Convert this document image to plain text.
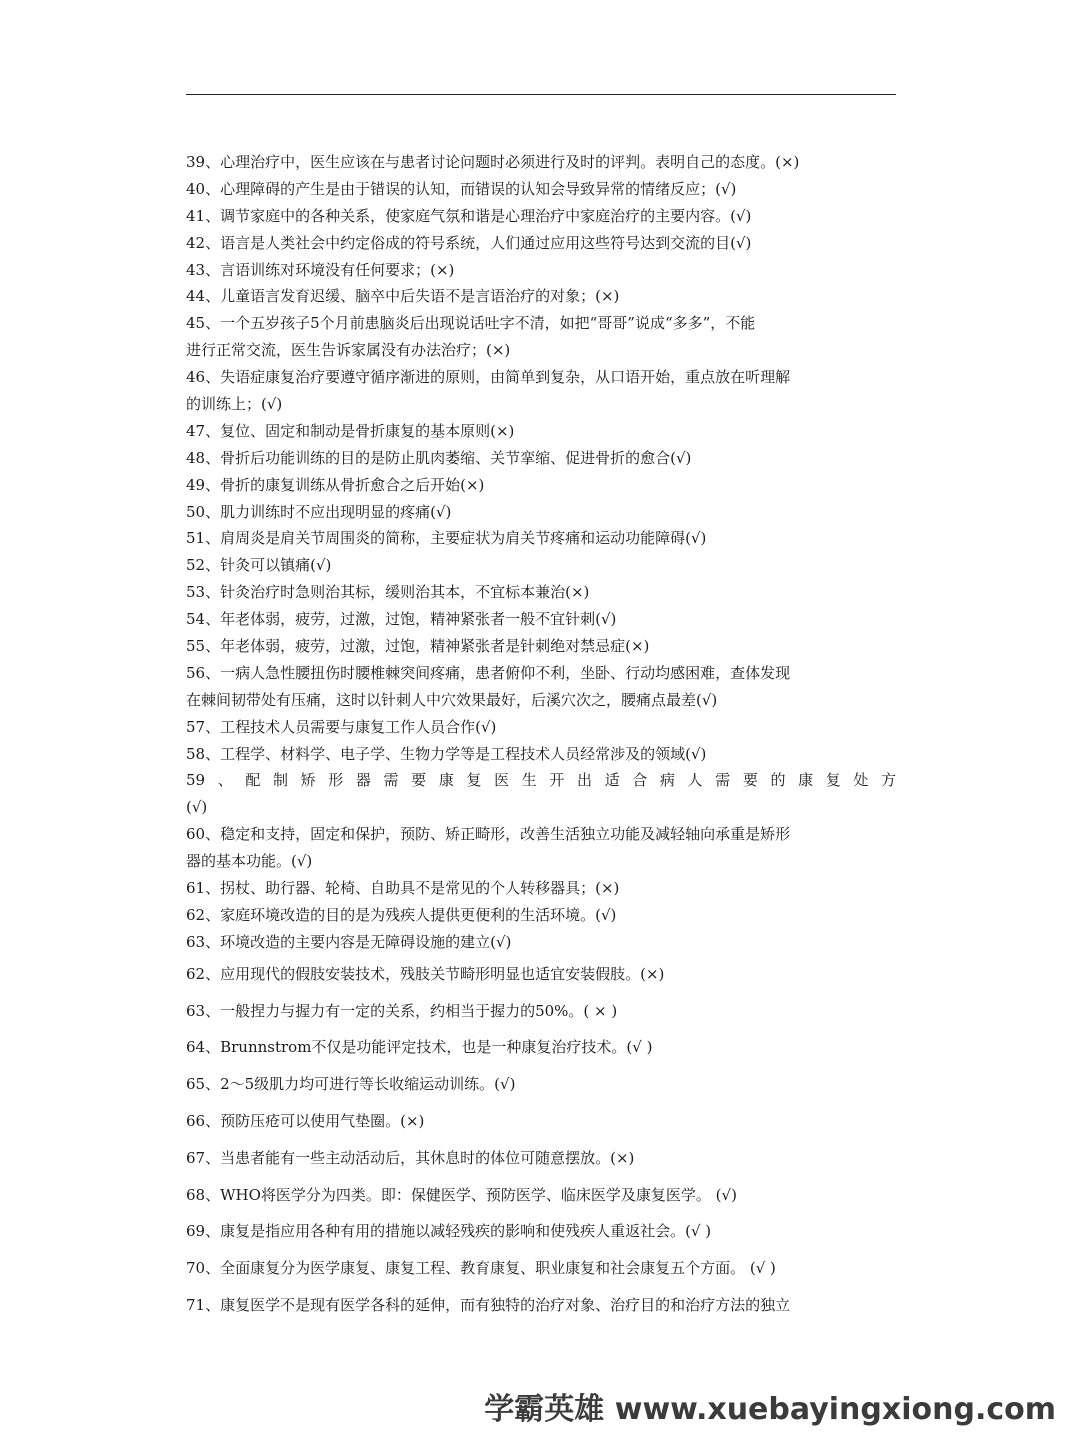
39、心理治疗中，医生应该在与患者讨论问题时必须进行及时的评判。表明自己的态度。(×)
40、心理障碍的产生是由于错误的认知，而错误的认知会导致异常的情绪反应；(√)
41、调节家庭中的各种关系，使家庭气氛和谐是心理治疗中家庭治疗的主要内容。(√)
42、语言是人类社会中约定俗成的符号系统，人们通过应用这些符号达到交流的目(√)
43、言语训练对环境没有任何要求；(×)
44、儿童语言发育迟缓、脑卒中后失语不是言语治疗的对象；(×)
45、一个五岁孩子5个月前患脑炎后出现说话吐字不清，如把“哥哥”说成“多多”，不能
进行正常交流，医生告诉家属没有办法治疗；(×)
46、失语症康复治疗要遵守循序渐进的原则，由简单到复杂，从口语开始，重点放在听理解
的训练上；(√)
47、复位、固定和制动是骨折康复的基本原则(×)
48、骨折后功能训练的目的是防止肌肉萎缩、关节挛缩、促进骨折的愈合(√)
49、骨折的康复训练从骨折愈合之后开始(×)
50、肌力训练时不应出现明显的疼痛(√)
51、肩周炎是肩关节周围炎的简称，主要症状为肩关节疼痛和运动功能障碍(√)
52、针灸可以镇痛(√)
53、针灸治疗时急则治其标，缓则治其本，不宜标本兼治(×)
54、年老体弱，疲劳，过激，过饱，精神紧张者一般不宜针刺(√)
55、年老体弱，疲劳，过激，过饱，精神紧张者是针刺绝对禁忌症(×)
56、一病人急性腰扭伤时腰椎棘突间疼痛，患者俯仰不利，坐卧、行动均感困难，查体发现
在棘间韧带处有压痛，这时以针刺人中穴效果最好，后溪穴次之，腰痛点最差(√)
57、工程技术人员需要与康复工作人员合作(√)
58、工程学、材料学、电子学、生物力学等是工程技术人员经常涉及的领域(√)
59、配制矫形器需要康复医生开出适合病人需要的康复处方
(√)
60、稳定和支持，固定和保护，预防、矫正畸形，改善生活独立功能及减轻轴向承重是矫形
器的基本功能。(√)
61、拐杖、助行器、轮椅、自助具不是常见的个人转移器具；(×)
62、家庭环境改造的目的是为残疾人提供更便利的生活环境。(√)
63、环境改造的主要内容是无障碍设施的建立(√)
62、应用现代的假肢安装技术，残肢关节畸形明显也适宜安装假肢。(×)
63、一般捏力与握力有一定的关系，约相当于握力的50%。( × )
64、Brunnstrom不仅是功能评定技术，也是一种康复治疗技术。(√ )
65、2～5级肌力均可进行等长收缩运动训练。(√)
66、预防压疮可以使用气垫圈。(×)
67、当患者能有一些主动活动后，其休息时的体位可随意摆放。(×)
68、WHO将医学分为四类。即：保健医学、预防医学、临床医学及康复医学。 (√)
69、康复是指应用各种有用的措施以减轻残疾的影响和使残疾人重返社会。(√ )
70、全面康复分为医学康复、康复工程、教育康复、职业康复和社会康复五个方面。 (√ )
71、康复医学不是现有医学各科的延伸，而有独特的治疗对象、治疗目的和治疗方法的独立
学霸英雄 www.xuebayingxiong.com
